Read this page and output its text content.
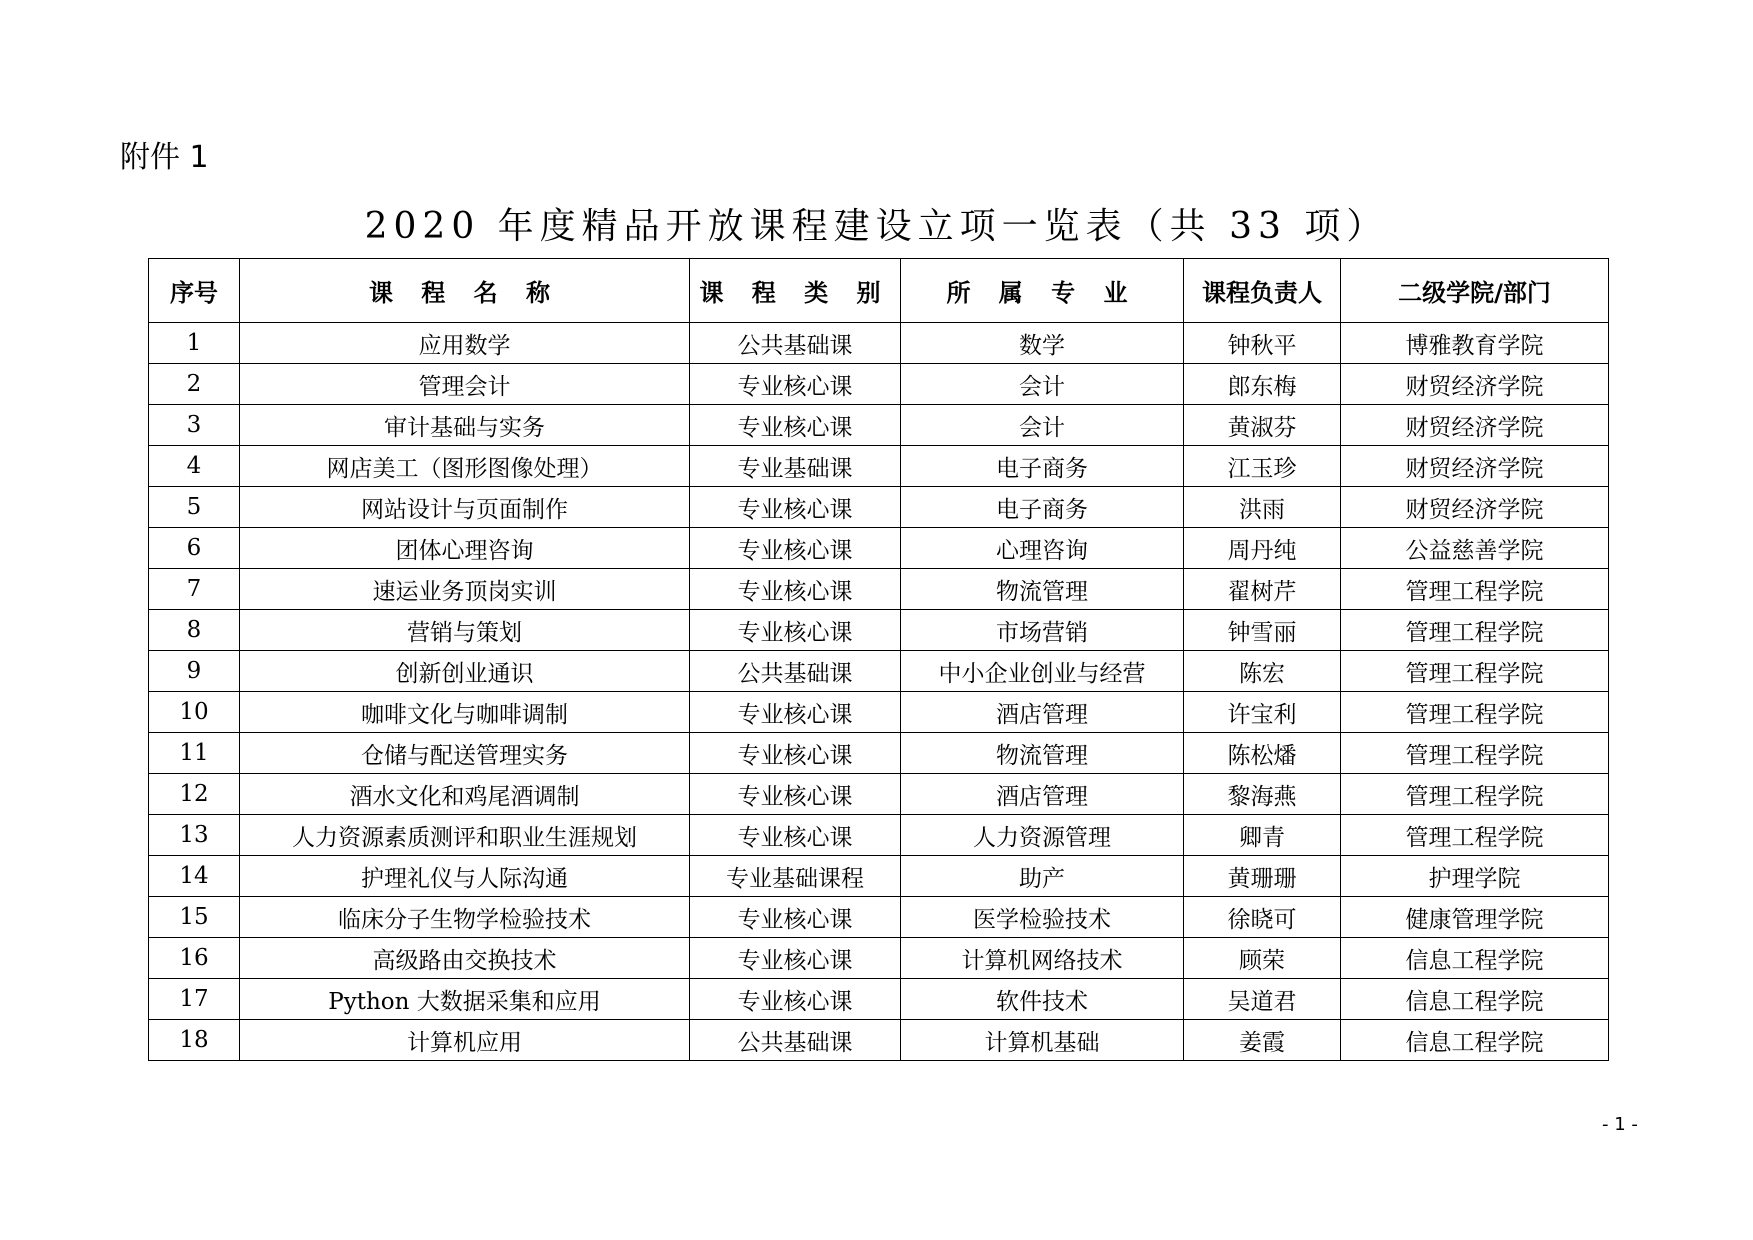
附件 1
2020 年度精品开放课程建设立项一览表（共 33 项）
序号	课 程 名 称	课 程 类 别	所 属 专 业	课程负责人	二级学院/部门
1	应用数学	公共基础课	数学	钟秋平	博雅教育学院
2	管理会计	专业核心课	会计	郎东梅	财贸经济学院
3	审计基础与实务	专业核心课	会计	黄淑芬	财贸经济学院
4	网店美工（图形图像处理）	专业基础课	电子商务	江玉珍	财贸经济学院
5	网站设计与页面制作	专业核心课	电子商务	洪雨	财贸经济学院
6	团体心理咨询	专业核心课	心理咨询	周丹纯	公益慈善学院
7	速运业务顶岗实训	专业核心课	物流管理	翟树芹	管理工程学院
8	营销与策划	专业核心课	市场营销	钟雪丽	管理工程学院
9	创新创业通识	公共基础课	中小企业创业与经营	陈宏	管理工程学院
10	咖啡文化与咖啡调制	专业核心课	酒店管理	许宝利	管理工程学院
11	仓储与配送管理实务	专业核心课	物流管理	陈松燔	管理工程学院
12	酒水文化和鸡尾酒调制	专业核心课	酒店管理	黎海燕	管理工程学院
13	人力资源素质测评和职业生涯规划	专业核心课	人力资源管理	卿青	管理工程学院
14	护理礼仪与人际沟通	专业基础课程	助产	黄珊珊	护理学院
15	临床分子生物学检验技术	专业核心课	医学检验技术	徐晓可	健康管理学院
16	高级路由交换技术	专业核心课	计算机网络技术	顾荣	信息工程学院
17	Python 大数据采集和应用	专业核心课	软件技术	吴道君	信息工程学院
18	计算机应用	公共基础课	计算机基础	姜霞	信息工程学院
- 1 -
